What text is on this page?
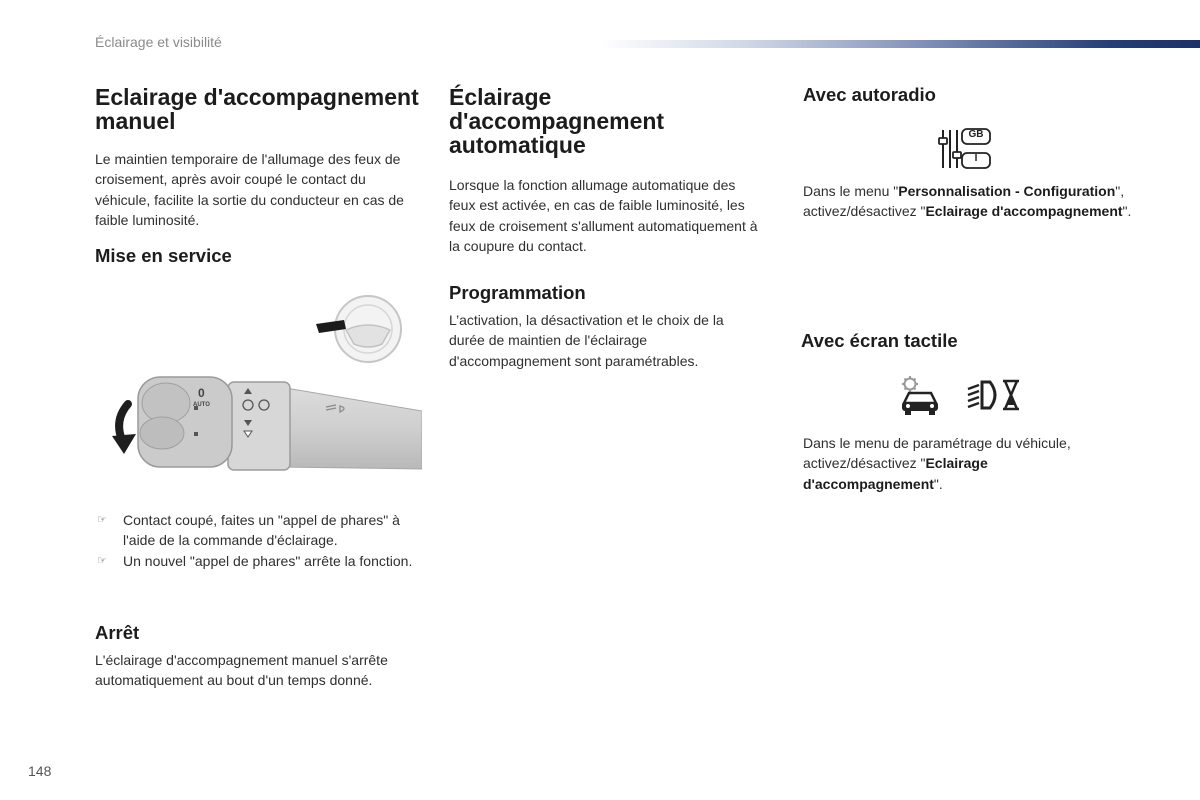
Éclairage et visibilité
Eclairage d'accompagnement manuel
Le maintien temporaire de l'allumage des feux de croisement, après avoir coupé le contact du véhicule, facilite la sortie du conducteur en cas de faible luminosité.
Mise en service
0
AUTO
☞ Contact coupé, faites un "appel de phares" à l'aide de la commande d'éclairage.
☞ Un nouvel "appel de phares" arrête la fonction.
Arrêt
L'éclairage d'accompagnement manuel s'arrête automatiquement au bout d'un temps donné.
Éclairage d'accompagnement automatique
Lorsque la fonction allumage automatique des feux est activée, en cas de faible luminosité, les feux de croisement s'allument automatiquement à la coupure du contact.
Programmation
L’activation, la désactivation et le choix de la durée de maintien de l'éclairage d'accompagnement sont paramétrables.
Avec autoradio
GB
I
Dans le menu "Personnalisation - Configuration", activez/désactivez "Eclairage d'accompagnement".
Avec écran tactile
Dans le menu de paramétrage du véhicule, activez/désactivez "Eclairage d'accompagnement".
148
